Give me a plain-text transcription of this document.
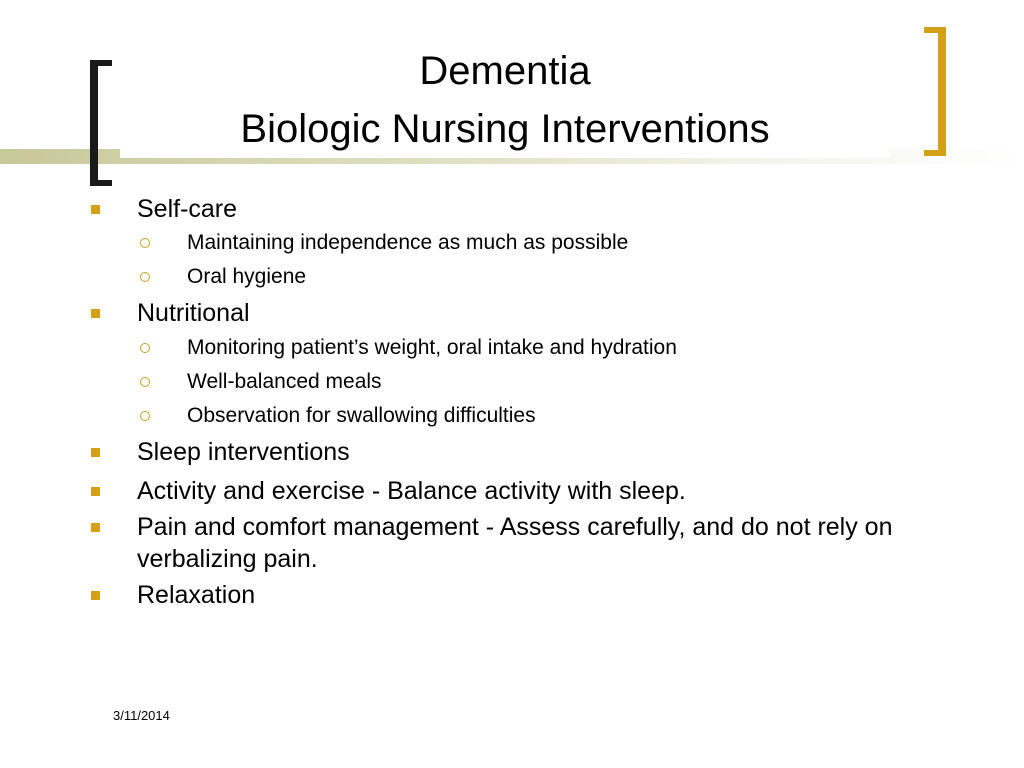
Dementia
Biologic Nursing Interventions
Self-care
Maintaining independence as much as possible
Oral hygiene
Nutritional
Monitoring patient’s weight, oral intake and hydration
Well-balanced meals
Observation for swallowing difficulties
Sleep interventions
Activity and exercise - Balance activity with sleep.
Pain and comfort management - Assess carefully, and do not rely on verbalizing pain.
Relaxation
3/11/2014
